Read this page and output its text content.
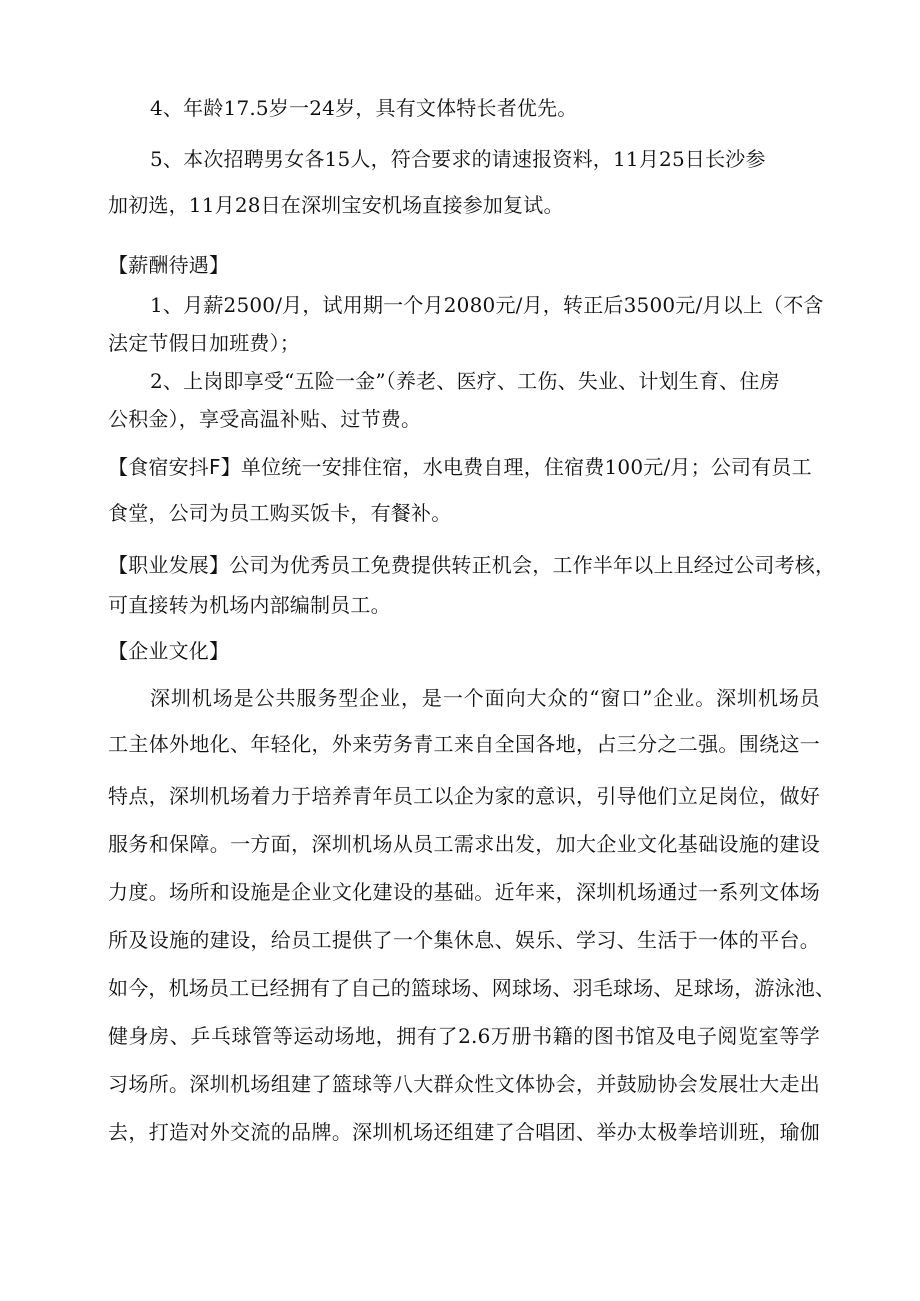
4、年龄17.5岁一24岁，具有文体特长者优先。
5、本次招聘男女各15人，符合要求的请速报资料，11月25日长沙参
加初选，11月28日在深圳宝安机场直接参加复试。
【薪酬待遇】
1、月薪2500/月，试用期一个月2080元/月，转正后3500元/月以上（不含
法定节假日加班费）；
2、上岗即享受“五险一金”（养老、医疗、工伤、失业、计划生育、住房
公积金），享受高温补贴、过节费。
【食宿安抖F】单位统一安排住宿，水电费自理，住宿费100元/月；公司有员工
食堂，公司为员工购买饭卡，有餐补。
【职业发展】公司为优秀员工免费提供转正机会，工作半年以上且经过公司考核，
可直接转为机场内部编制员工。
【企业文化】
深圳机场是公共服务型企业，是一个面向大众的“窗口”企业。深圳机场员
工主体外地化、年轻化，外来劳务青工来自全国各地，占三分之二强。围绕这一
特点，深圳机场着力于培养青年员工以企为家的意识，引导他们立足岗位，做好
服务和保障。一方面，深圳机场从员工需求出发，加大企业文化基础设施的建设
力度。场所和设施是企业文化建设的基础。近年来，深圳机场通过一系列文体场
所及设施的建设，给员工提供了一个集休息、娱乐、学习、生活于一体的平台。
如今，机场员工已经拥有了自己的篮球场、网球场、羽毛球场、足球场，游泳池、
健身房、乒乓球管等运动场地，拥有了2.6万册书籍的图书馆及电子阅览室等学
习场所。深圳机场组建了篮球等八大群众性文体协会，并鼓励协会发展壮大走出
去，打造对外交流的品牌。深圳机场还组建了合唱团、举办太极拳培训班，瑜伽
